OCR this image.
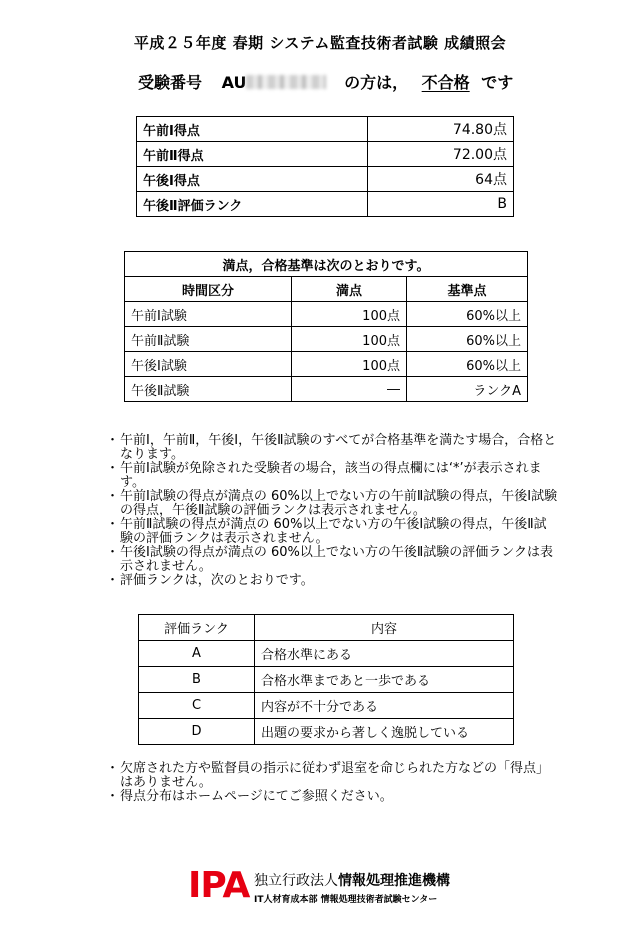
平成２５年度 春期 システム監査技術者試験 成績照会
受験番号 AU	の方は， 不合格 です
午前Ⅰ得点	74.80点
午前Ⅱ得点	72.00点
午後Ⅰ得点	64点
午後Ⅱ評価ランク	B
満点，合格基準は次のとおりです。		
時間区分	満点	基準点
午前Ⅰ試験	100点	60%以上
午前Ⅱ試験	100点	60%以上
午後Ⅰ試験	100点	60%以上
午後Ⅱ試験	―	ランクA
・ 午前Ⅰ，午前Ⅱ，午後Ⅰ，午後Ⅱ試験のすべてが合格基準を満たす場合，合格となります。
・ 午前Ⅰ試験が免除された受験者の場合，該当の得点欄には‘*’が表示されます。
・ 午前Ⅰ試験の得点が満点の 60%以上でない方の午前Ⅱ試験の得点，午後Ⅰ試験の得点，午後Ⅱ試験の評価ランクは表示されません。
・ 午前Ⅱ試験の得点が満点の 60%以上でない方の午後Ⅰ試験の得点，午後Ⅱ試験の評価ランクは表示されません。
・ 午後Ⅰ試験の得点が満点の 60%以上でない方の午後Ⅱ試験の評価ランクは表示されません。
・ 評価ランクは，次のとおりです。
評価ランク	内容
A	合格水準にある
B	合格水準まであと一歩である
C	内容が不十分である
D	出題の要求から著しく逸脱している
・ 欠席された方や監督員の指示に従わず退室を命じられた方などの「得点」はありません。
・ 得点分布はホームページにてご参照ください。
IPA 独立行政法人情報処理推進機構
IT人材育成本部 情報処理技術者試験センター
